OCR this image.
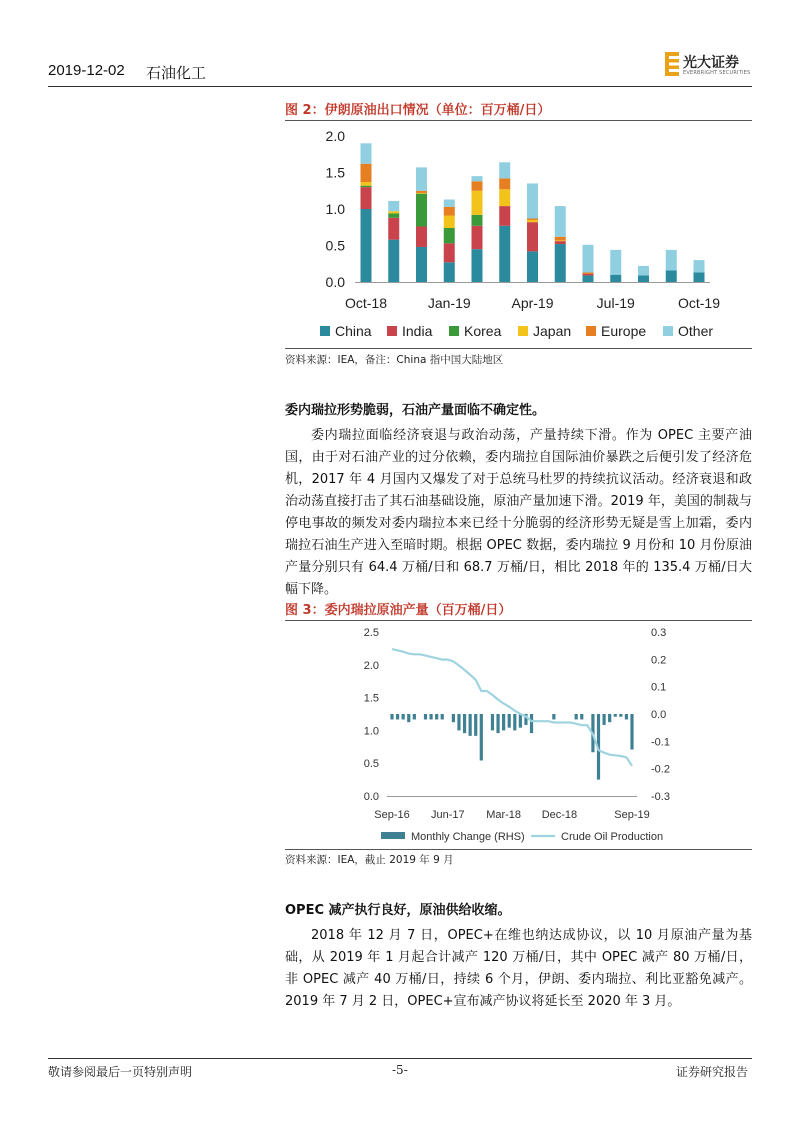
2019-12-02 石油化工
光大证券
EVERBRIGHT SECURITIES
图 2：伊朗原油出口情况（单位：百万桶/日）
0.0
0.5
1.0
1.5
2.0
Oct-18	Jan-19	Apr-19	Jul-19	Oct-19
China India Korea Japan Europe Other
资料来源：IEA，备注：China 指中国大陆地区
委内瑞拉形势脆弱，石油产量面临不确定性。
委内瑞拉面临经济衰退与政治动荡，产量持续下滑。作为 OPEC 主要产油国，由于对石油产业的过分依赖，委内瑞拉自国际油价暴跌之后便引发了经济危机，2017 年 4 月国内又爆发了对于总统马杜罗的持续抗议活动。经济衰退和政治动荡直接打击了其石油基础设施，原油产量加速下滑。2019 年，美国的制裁与停电事故的频发对委内瑞拉本来已经十分脆弱的经济形势无疑是雪上加霜，委内瑞拉石油生产进入至暗时期。根据 OPEC 数据，委内瑞拉 9 月份和 10 月份原油产量分别只有 64.4 万桶/日和 68.7 万桶/日，相比 2018 年的 135.4 万桶/日大幅下降。
图 3：委内瑞拉原油产量（百万桶/日）
0.0
0.5
1.0
1.5
2.0
2.5
-0.3
-0.2
-0.1
0.0
0.1
0.2
0.3
Sep-16 Jun-17 Mar-18 Dec-18	Sep-19
Monthly Change (RHS)	Crude Oil Production
资料来源：IEA，截止 2019 年 9 月
OPEC 减产执行良好，原油供给收缩。
2018 年 12 月 7 日，OPEC+在维也纳达成协议，以 10 月原油产量为基础，从 2019 年 1 月起合计减产 120 万桶/日，其中 OPEC 减产 80 万桶/日，非 OPEC 减产 40 万桶/日，持续 6 个月，伊朗、委内瑞拉、利比亚豁免减产。2019 年 7 月 2 日，OPEC+宣布减产协议将延长至 2020 年 3 月。
敬请参阅最后一页特别声明	-5-	证券研究报告
